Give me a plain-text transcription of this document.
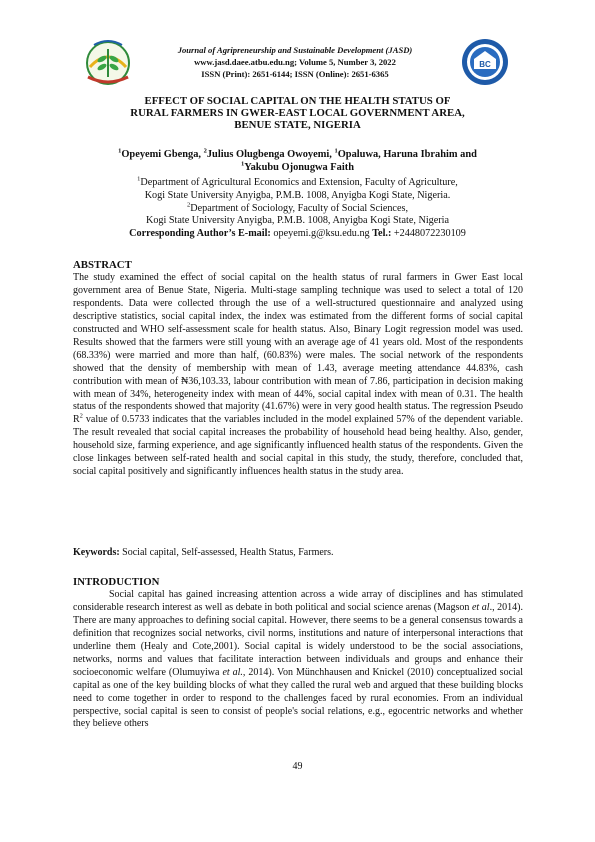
BC
Journal of Agripreneurship and Sustainable Development (JASD)
www.jasd.daee.atbu.edu.ng; Volume 5, Number 3, 2022
ISSN (Print): 2651-6144; ISSN (Online): 2651-6365
EFFECT OF SOCIAL CAPITAL ON THE HEALTH STATUS OF
RURAL FARMERS IN GWER-EAST LOCAL GOVERNMENT AREA,
BENUE STATE, NIGERIA
$^1$Opeyemi Gbenga, $^2$Julius Olugbenga Owoyemi, $^1$Opaluwa, Haruna Ibrahim and
$^1$Yakubu Ojonugwa Faith
$^1$Department of Agricultural Economics and Extension, Faculty of Agriculture,
Kogi State University Anyigba, P.M.B. 1008, Anyigba Kogi State, Nigeria.
$^2$Department of Sociology, Faculty of Social Sciences,
Kogi State University Anyigba, P.M.B. 1008, Anyigba Kogi State, Nigeria
Corresponding Author’s E-mail: opeyemi.g@ksu.edu.ng Tel.: +2448072230109
ABSTRACT
The study examined the effect of social capital on the health status of rural farmers in Gwer East local government area of Benue State, Nigeria. Multi-stage sampling technique was used to select a total of 120 respondents. Data were collected through the use of a well-structured questionnaire and analyzed using descriptive statistics, social capital index, the index was estimated from the different forms of social capital constructed and WHO self-assessment scale for health status. Also, Binary Logit regression model was used. Results showed that the farmers were still young with an average age of 41 years old. Most of the respondents (68.33%) were married and more than half, (60.83%) were males. The social network of the respondents showed that the density of membership with mean of 1.43, average meeting attendance 44.83%, cash contribution with mean of ₦36,103.33, labour contribution with mean of 7.86, participation in decision making with mean of 34%, heterogeneity index with mean of 44%, social capital index with mean of 0.31. The health status of the respondents showed that majority (41.67%) were in very good health status. The regression Pseudo $R^2$ value of 0.5733 indicates that the variables included in the model explained 57% of the dependent variable. The result revealed that social capital increases the probability of household head being healthy. Also, gender, household size, farming experience, and age significantly influenced health status of the respondents. Given the close linkages between self-rated health and social capital in this study, the study, therefore, concluded that, social capital positively and significantly influences health status in the study area.
Keywords: Social capital, Self-assessed, Health Status, Farmers.
INTRODUCTION
Social capital has gained increasing attention across a wide array of disciplines and has stimulated considerable research interest as well as debate in both political and social science arenas (Magson et al., 2014). There are many approaches to defining social capital. However, there seems to be a general consensus towards a definition that recognizes social networks, civil norms, institutions and nature of interpersonal interactions that underline them (Healy and Cote,2001). Social capital is widely understood to be the social associations, networks, norms and values that facilitate interaction between individuals and groups and enhance their socioeconomic welfare (Olumuyiwa et al., 2014). Von Münchhausen and Knickel (2010) conceptualized social capital as one of the key building blocks of what they called the rural web and argued that these building blocks need to come together in order to respond to the challenges faced by rural economies. From an individual perspective, social capital is seen to consist of people's social relations, e.g., egocentric networks and whether they believe others
49
